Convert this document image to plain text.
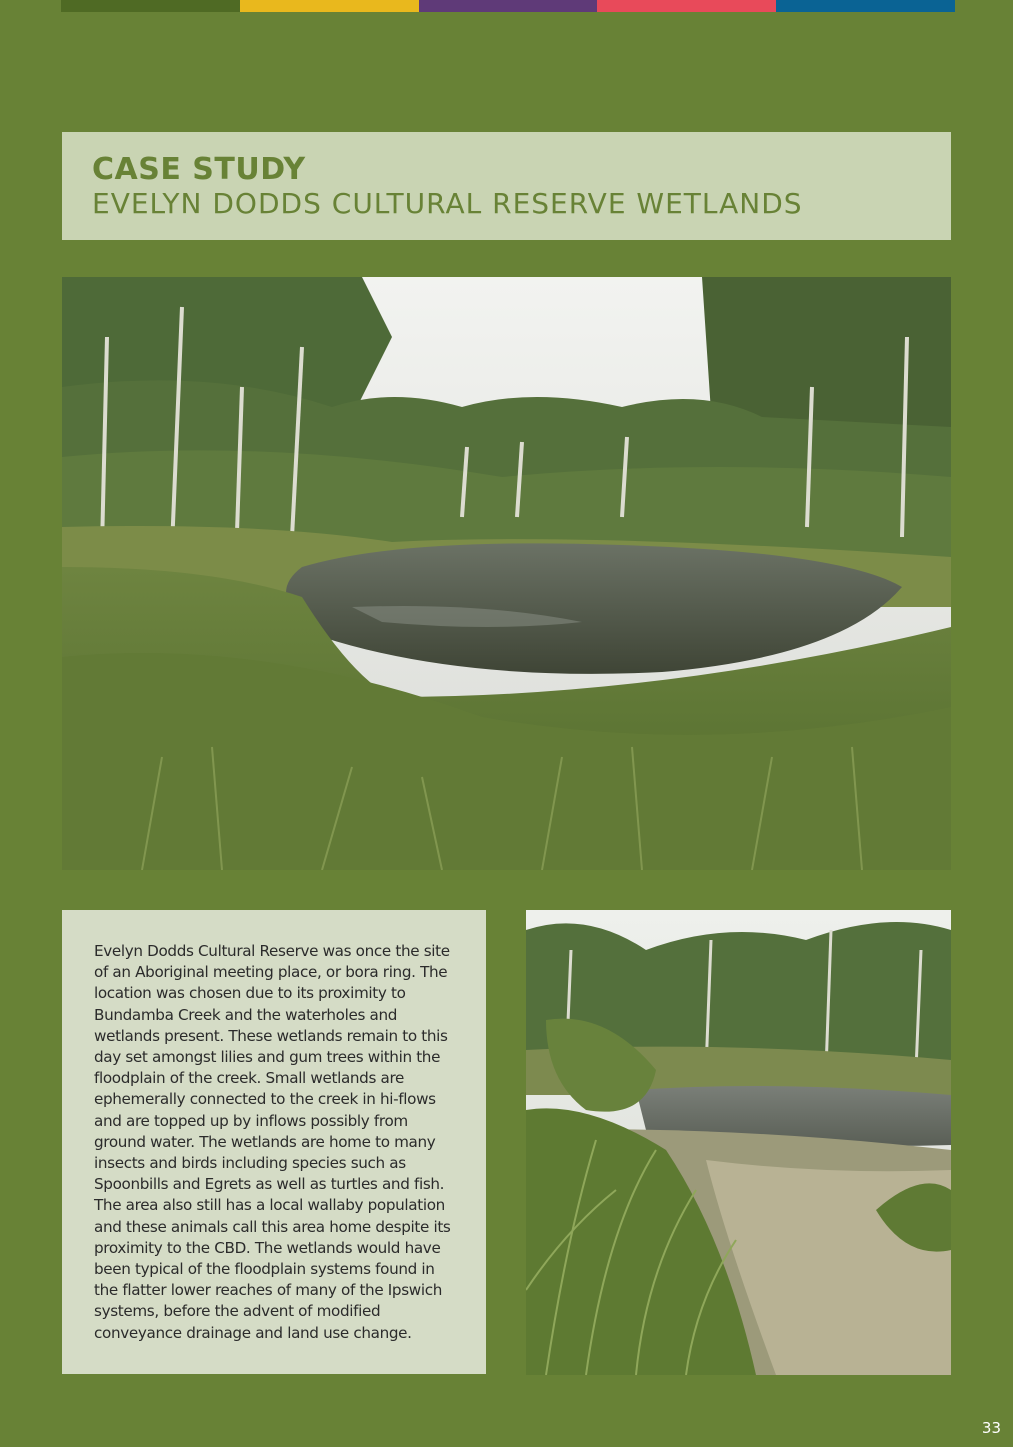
CASE STUDY
EVELYN DODDS CULTURAL RESERVE WETLANDS

Evelyn Dodds Cultural Reserve was once the site of an Aboriginal meeting place, or bora ring. The location was chosen due to its proximity to Bundamba Creek and the waterholes and wetlands present. These wetlands remain to this day set amongst lilies and gum trees within the floodplain of the creek. Small wetlands are ephemerally connected to the creek in hi-flows and are topped up by inflows possibly from ground water. The wetlands are home to many insects and birds including species such as Spoonbills and Egrets as well as turtles and fish. The area also still has a local wallaby population and these animals call this area home despite its proximity to the CBD. The wetlands would have been typical of the floodplain systems found in the flatter lower reaches of many of the Ipswich systems, before the advent of modified conveyance drainage and land use change.

33
